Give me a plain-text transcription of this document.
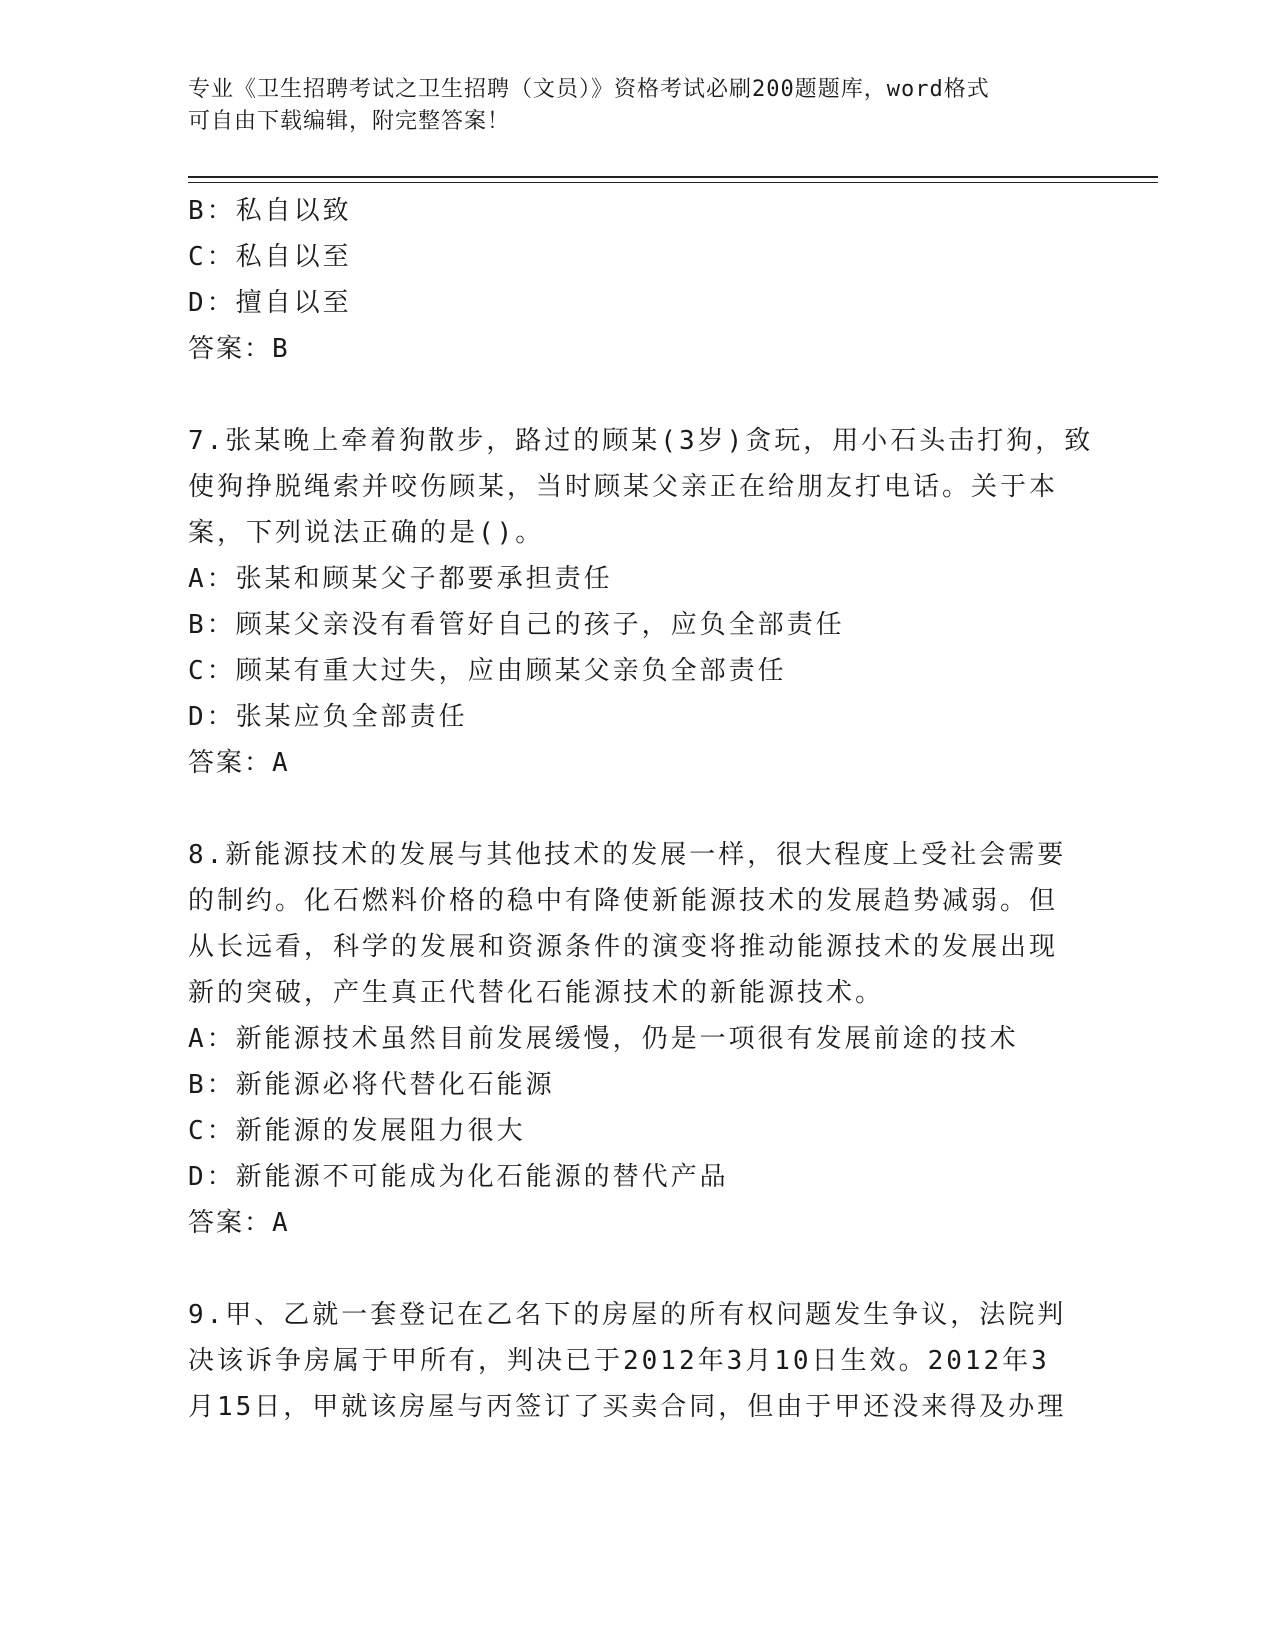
专业《卫生招聘考试之卫生招聘（文员）》资格考试必刷200题题库，word格式
可自由下载编辑，附完整答案！
B：私自以致
C：私自以至
D：擅自以至
答案：B
7.张某晚上牵着狗散步，路过的顾某(3岁)贪玩，用小石头击打狗，致
使狗挣脱绳索并咬伤顾某，当时顾某父亲正在给朋友打电话。关于本
案，下列说法正确的是()。
A：张某和顾某父子都要承担责任
B：顾某父亲没有看管好自己的孩子，应负全部责任
C：顾某有重大过失，应由顾某父亲负全部责任
D：张某应负全部责任
答案：A
8.新能源技术的发展与其他技术的发展一样，很大程度上受社会需要
的制约。化石燃料价格的稳中有降使新能源技术的发展趋势减弱。但
从长远看，科学的发展和资源条件的演变将推动能源技术的发展出现
新的突破，产生真正代替化石能源技术的新能源技术。
A：新能源技术虽然目前发展缓慢，仍是一项很有发展前途的技术
B：新能源必将代替化石能源
C：新能源的发展阻力很大
D：新能源不可能成为化石能源的替代产品
答案：A
9.甲、乙就一套登记在乙名下的房屋的所有权问题发生争议，法院判
决该诉争房属于甲所有，判决已于2012年3月10日生效。2012年3
月15日，甲就该房屋与丙签订了买卖合同，但由于甲还没来得及办理
